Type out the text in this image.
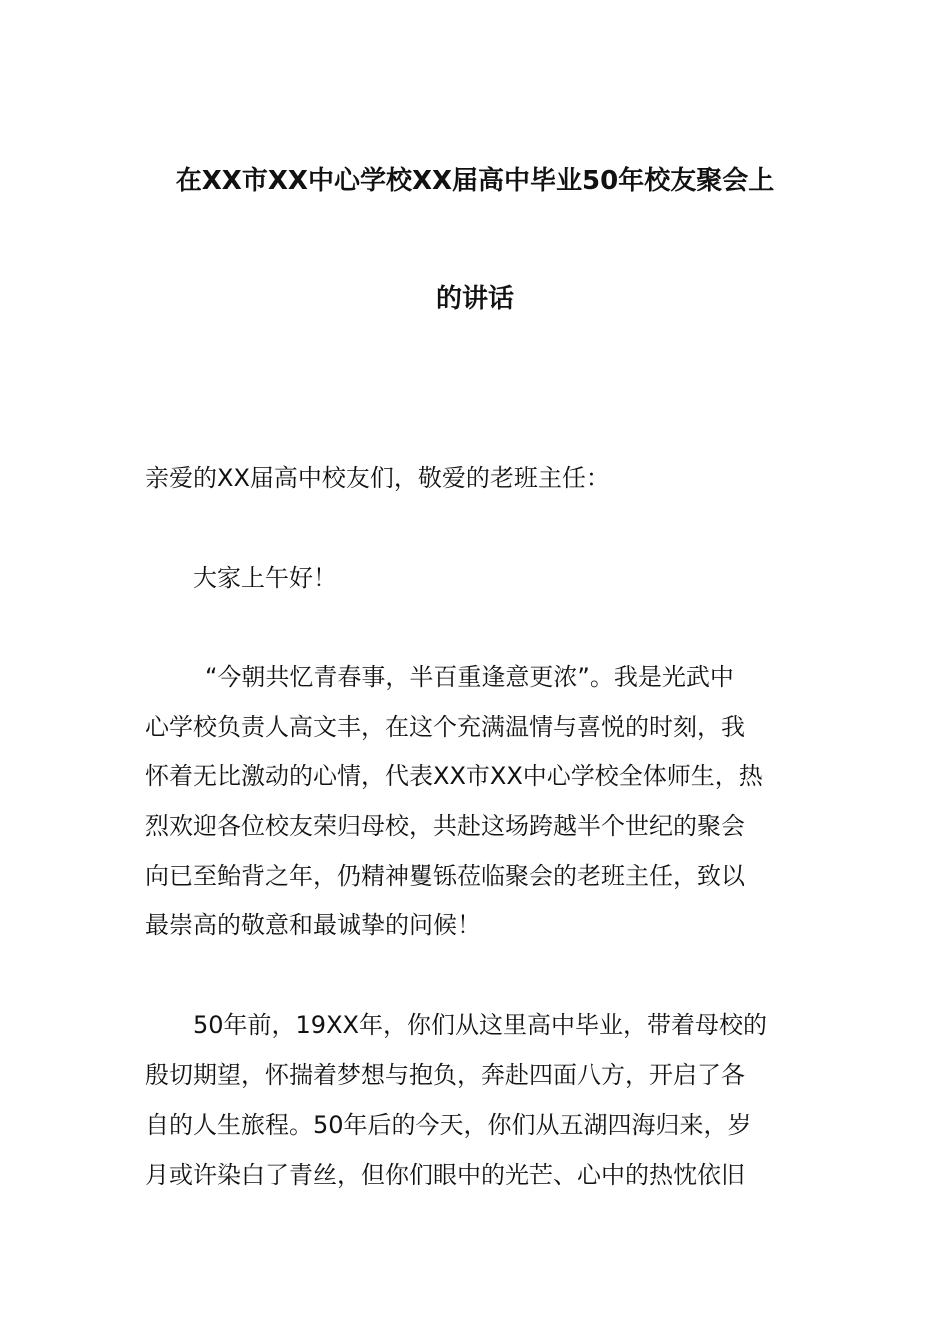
在XX市XX中心学校XX届高中毕业50年校友聚会上
的讲话
亲爱的XX届高中校友们，敬爱的老班主任：
大家上午好！
“今朝共忆青春事，半百重逢意更浓”。我是光武中
心学校负责人高文丰，在这个充满温情与喜悦的时刻，我
怀着无比激动的心情，代表XX市XX中心学校全体师生，热
烈欢迎各位校友荣归母校，共赴这场跨越半个世纪的聚会
向已至鲐背之年，仍精神矍铄莅临聚会的老班主任，致以
最崇高的敬意和最诚挚的问候！
50年前，19XX年，你们从这里高中毕业，带着母校的
殷切期望，怀揣着梦想与抱负，奔赴四面八方，开启了各
自的人生旅程。50年后的今天，你们从五湖四海归来，岁
月或许染白了青丝，但你们眼中的光芒、心中的热忱依旧
